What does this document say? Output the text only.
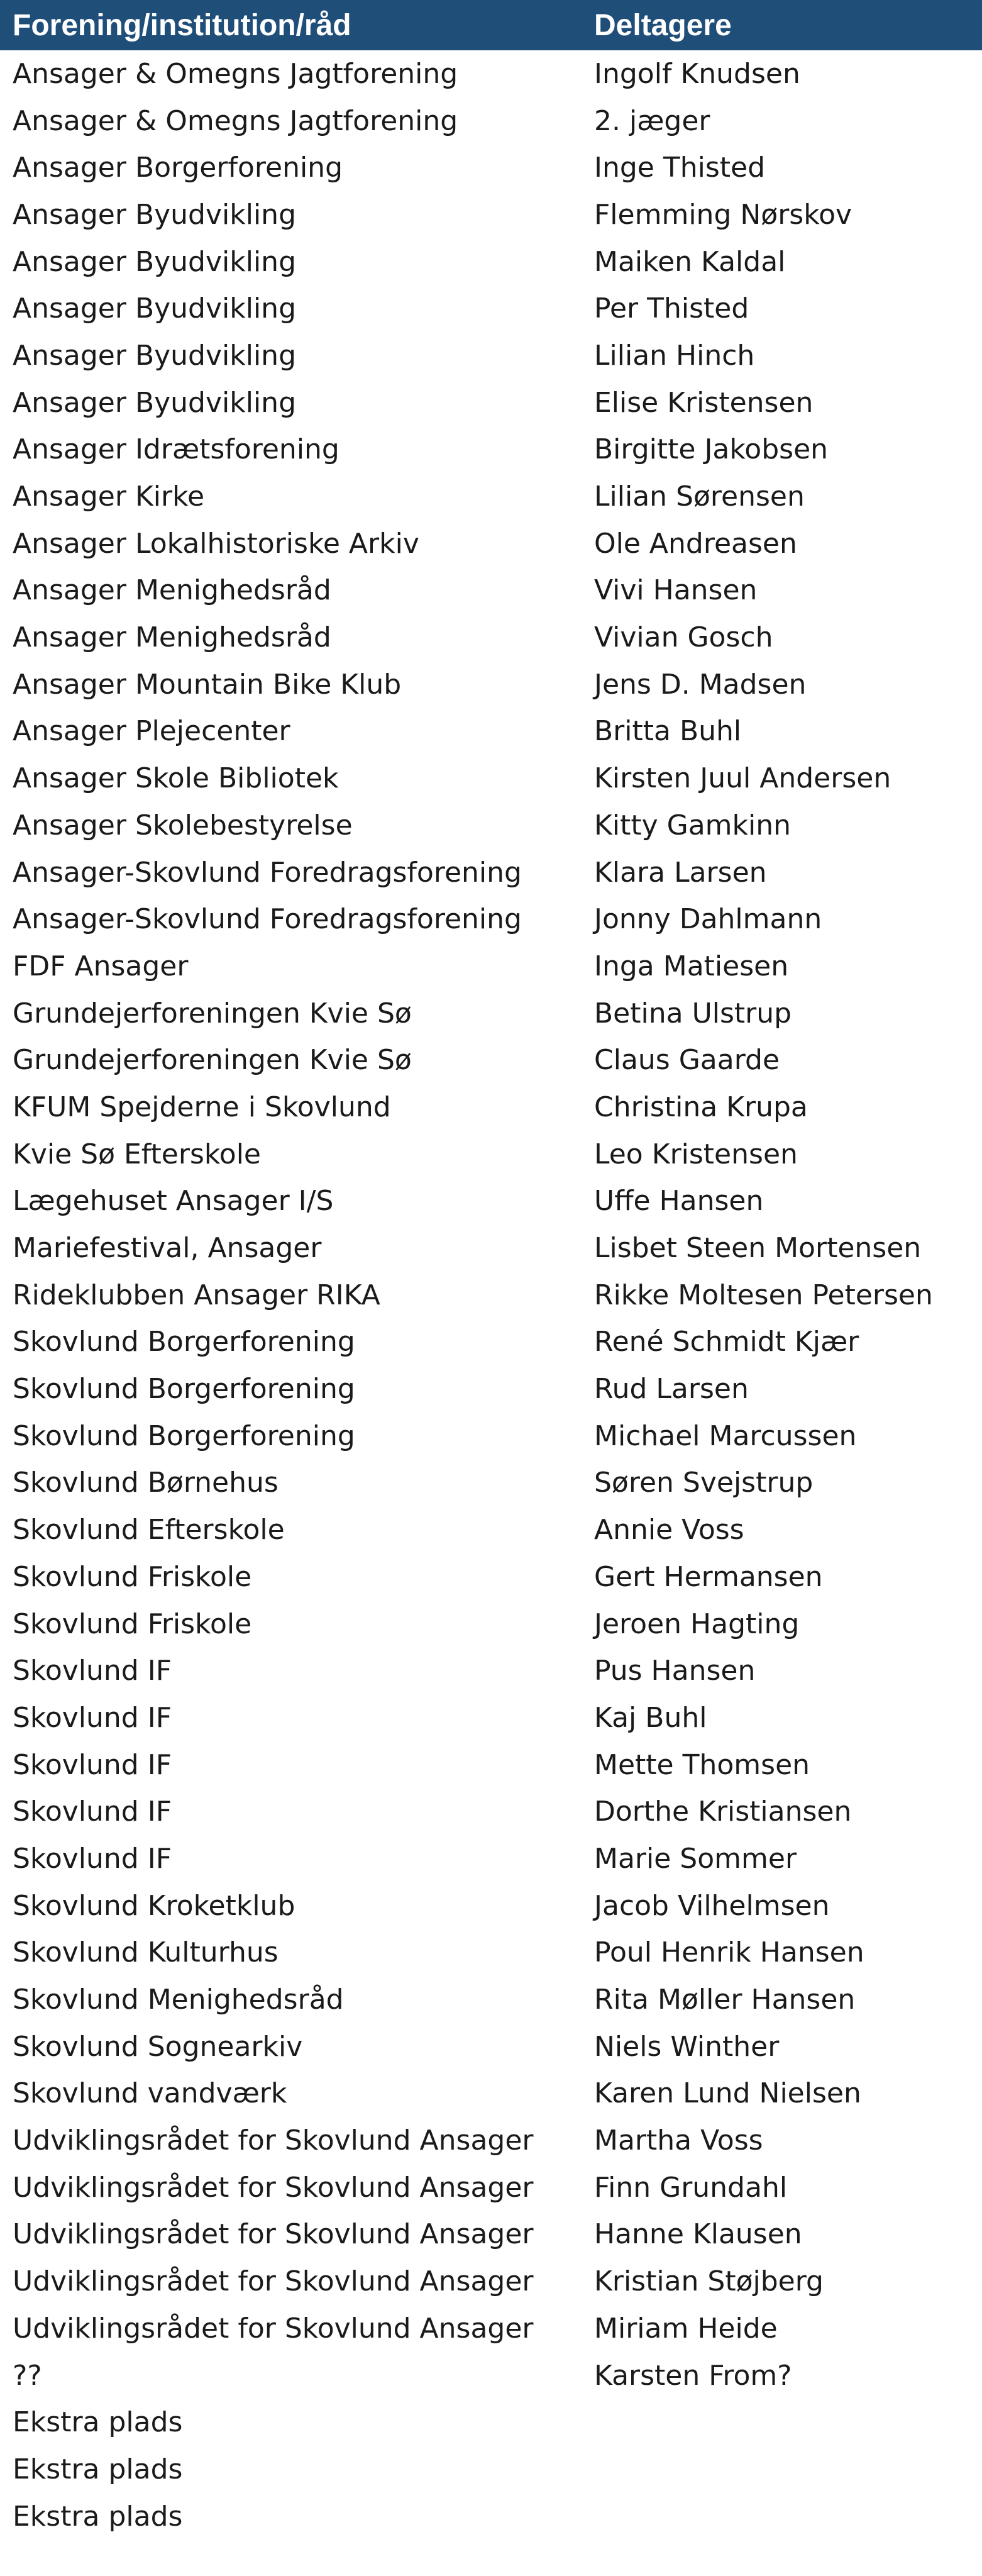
Forening/institution/råd	Deltagere
Ansager & Omegns Jagtforening	Ingolf Knudsen
Ansager & Omegns Jagtforening	2. jæger
Ansager Borgerforening	Inge Thisted
Ansager Byudvikling	Flemming Nørskov
Ansager Byudvikling	Maiken Kaldal
Ansager Byudvikling	Per Thisted
Ansager Byudvikling	Lilian Hinch
Ansager Byudvikling	Elise Kristensen
Ansager Idrætsforening	Birgitte Jakobsen
Ansager Kirke	Lilian Sørensen
Ansager Lokalhistoriske Arkiv	Ole Andreasen
Ansager Menighedsråd	Vivi Hansen
Ansager Menighedsråd	Vivian Gosch
Ansager Mountain Bike Klub	Jens D. Madsen
Ansager Plejecenter	Britta Buhl
Ansager Skole Bibliotek	Kirsten Juul Andersen
Ansager Skolebestyrelse	Kitty Gamkinn
Ansager-Skovlund Foredragsforening	Klara Larsen
Ansager-Skovlund Foredragsforening	Jonny Dahlmann
FDF Ansager	Inga Matiesen
Grundejerforeningen Kvie Sø	Betina Ulstrup
Grundejerforeningen Kvie Sø	Claus Gaarde
KFUM Spejderne i Skovlund	Christina Krupa
Kvie Sø Efterskole	Leo Kristensen
Lægehuset Ansager I/S	Uffe Hansen
Mariefestival, Ansager	Lisbet Steen Mortensen
Rideklubben Ansager RIKA	Rikke Moltesen Petersen
Skovlund Borgerforening	René Schmidt Kjær
Skovlund Borgerforening	Rud Larsen
Skovlund Borgerforening	Michael Marcussen
Skovlund Børnehus	Søren Svejstrup
Skovlund Efterskole	Annie Voss
Skovlund Friskole	Gert Hermansen
Skovlund Friskole	Jeroen Hagting
Skovlund IF	Pus Hansen
Skovlund IF	Kaj Buhl
Skovlund IF	Mette Thomsen
Skovlund IF	Dorthe Kristiansen
Skovlund IF	Marie Sommer
Skovlund Kroketklub	Jacob Vilhelmsen
Skovlund Kulturhus	Poul Henrik Hansen
Skovlund Menighedsråd	Rita Møller Hansen
Skovlund Sognearkiv	Niels Winther
Skovlund vandværk	Karen Lund Nielsen
Udviklingsrådet for Skovlund Ansager	Martha Voss
Udviklingsrådet for Skovlund Ansager	Finn Grundahl
Udviklingsrådet for Skovlund Ansager	Hanne Klausen
Udviklingsrådet for Skovlund Ansager	Kristian Støjberg
Udviklingsrådet for Skovlund Ansager	Miriam Heide
??	Karsten From?
Ekstra plads
Ekstra plads
Ekstra plads
